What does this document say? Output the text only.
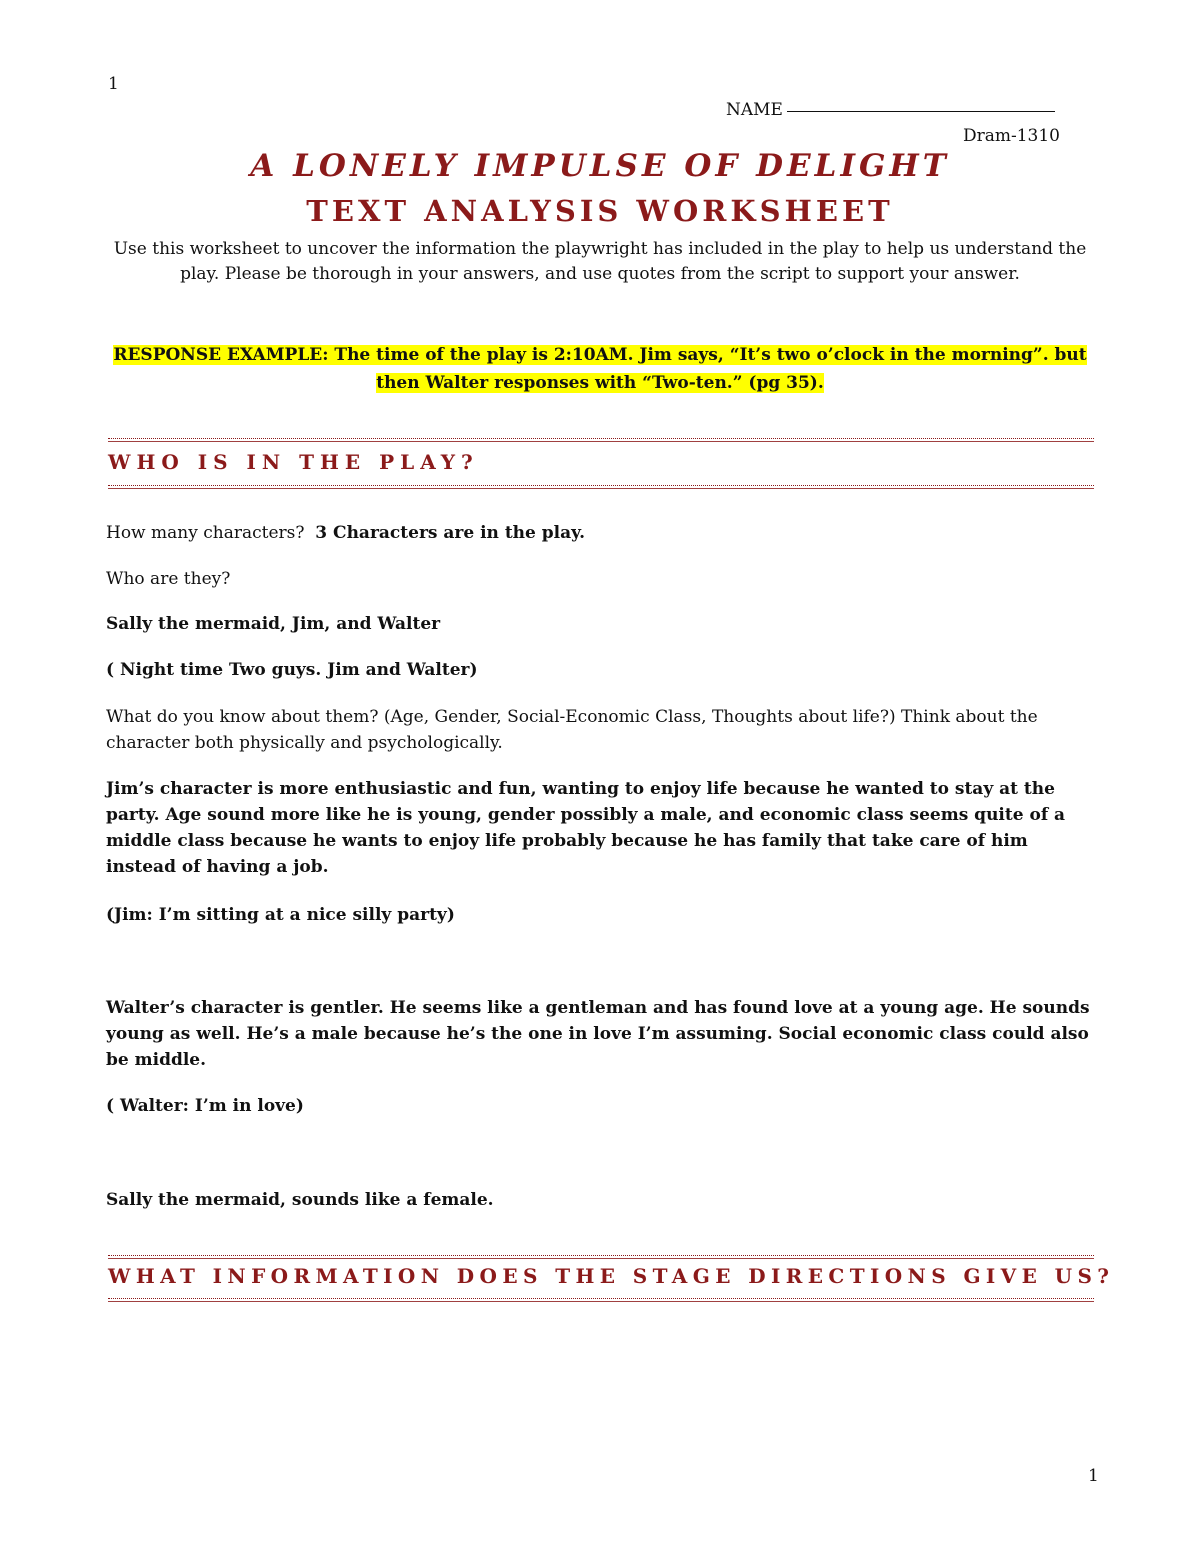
1
NAME
Dram-1310
A LONELY IMPULSE OF DELIGHT
TEXT ANALYSIS WORKSHEET
Use this worksheet to uncover the information the playwright has included in the play to help us understand the play. Please be thorough in your answers, and use quotes from the script to support your answer.
RESPONSE EXAMPLE: The time of the play is 2:10AM. Jim says, “It’s two o’clock in the morning”. but
then Walter responses with “Two-ten.” (pg 35).
WHO IS IN THE PLAY?
How many characters? 3 Characters are in the play.
Who are they?
Sally the mermaid, Jim, and Walter
( Night time Two guys. Jim and Walter)
What do you know about them? (Age, Gender, Social-Economic Class, Thoughts about life?) Think about the character both physically and psychologically.
Jim’s character is more enthusiastic and fun, wanting to enjoy life because he wanted to stay at the party. Age sound more like he is young, gender possibly a male, and economic class seems quite of a middle class because he wants to enjoy life probably because he has family that take care of him instead of having a job.
(Jim: I’m sitting at a nice silly party)
Walter’s character is gentler. He seems like a gentleman and has found love at a young age. He sounds young as well. He’s a male because he’s the one in love I’m assuming. Social economic class could also be middle.
( Walter: I’m in love)
Sally the mermaid, sounds like a female.
WHAT INFORMATION DOES THE STAGE DIRECTIONS GIVE US?
1
